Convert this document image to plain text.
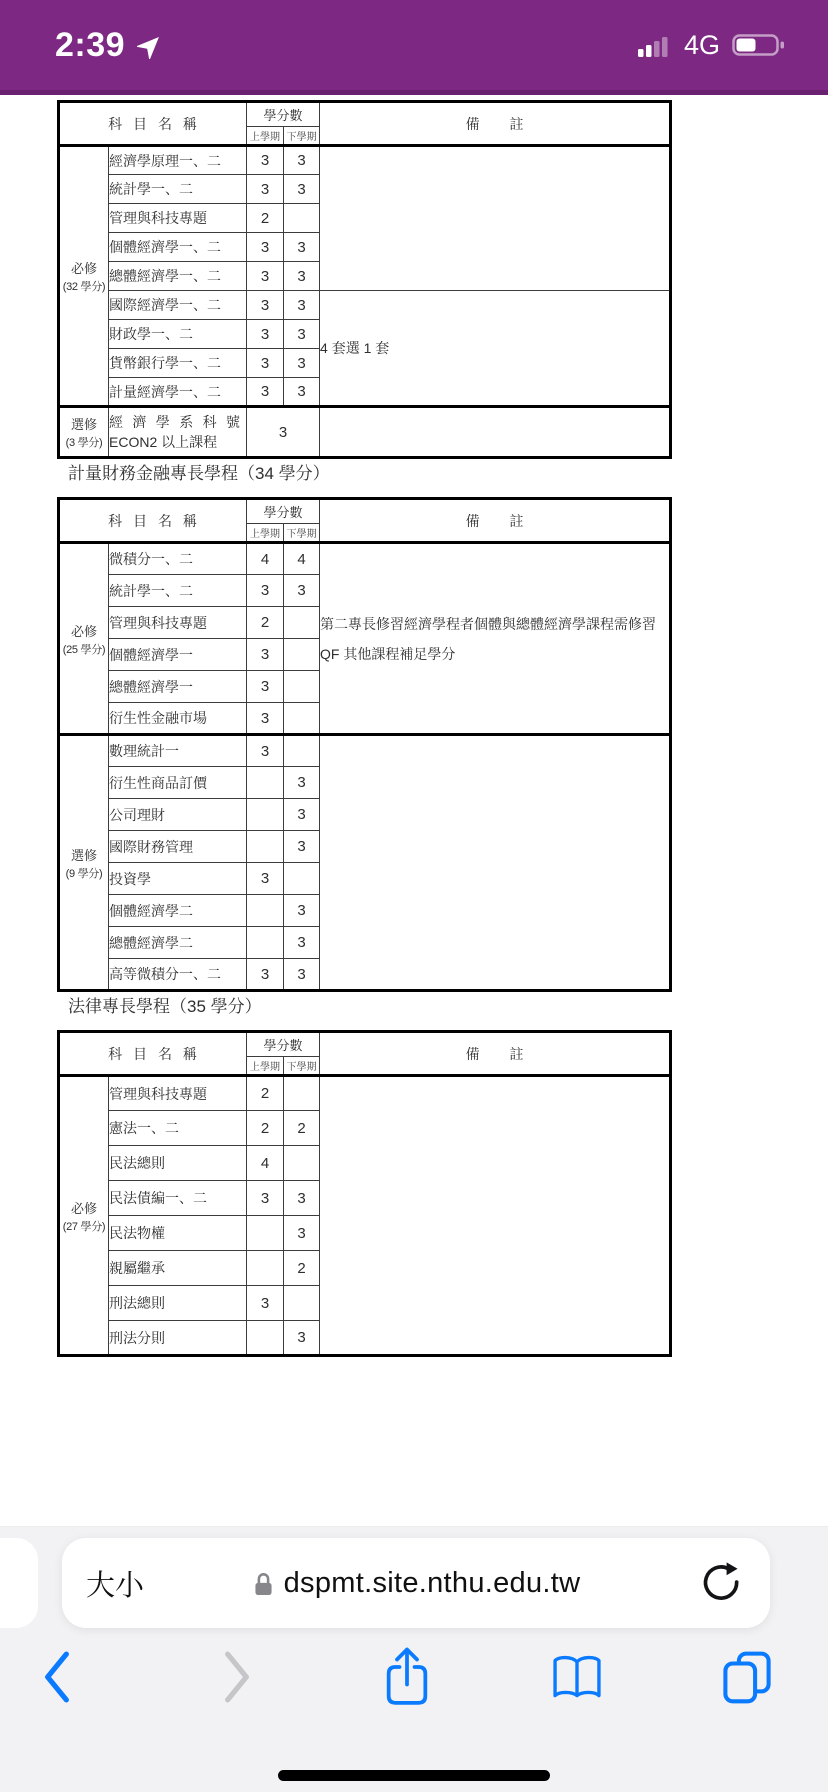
2:39	4G
科 目 名 稱		學分數		備 註
		上學期	下學期	

必修
(32 學分)	經濟學原理一、二	3	3	
	統計學一、二	3	3	
	管理與科技專題	2		
	個體經濟學一、二	3	3	
	總體經濟學一、二	3	3	
	國際經濟學一、二	3	3	4 套選 1 套
	財政學一、二	3	3	
	貨幣銀行學一、二	3	3	
	計量經濟學一、二	3	3	

選修
(3 學分)

經 濟 學 系 科 號
ECON2 以上課程
	3	
計量財務金融專長學程（34 學分）
科 目 名 稱		學分數		備 註
		上學期	下學期	

必修
(25 學分)	微積分一、二	4	4	第二專長修習經濟學程者個體與總體經濟學課程需修習QF 其他課程補足學分
	統計學一、二	3	3	
	管理與科技專題	2		
	個體經濟學一	3		
	總體經濟學一	3		
	衍生性金融市場	3		

選修
(9 學分)	數理統計一	3		
	衍生性商品訂價		3	
	公司理財		3	
	國際財務管理		3	
	投資學	3		
	個體經濟學二		3	
	總體經濟學二		3	
	高等微積分一、二	3	3	
法律專長學程（35 學分）
科 目 名 稱		學分數		備 註
		上學期	下學期	

必修
(27 學分)	管理與科技專題	2		
	憲法一、二	2	2	
	民法總則	4		
	民法債編一、二	3	3	
	民法物權		3	
	親屬繼承		2	
	刑法總則	3		
	刑法分則		3	
大小	dspmt.site.nthu.edu.tw
